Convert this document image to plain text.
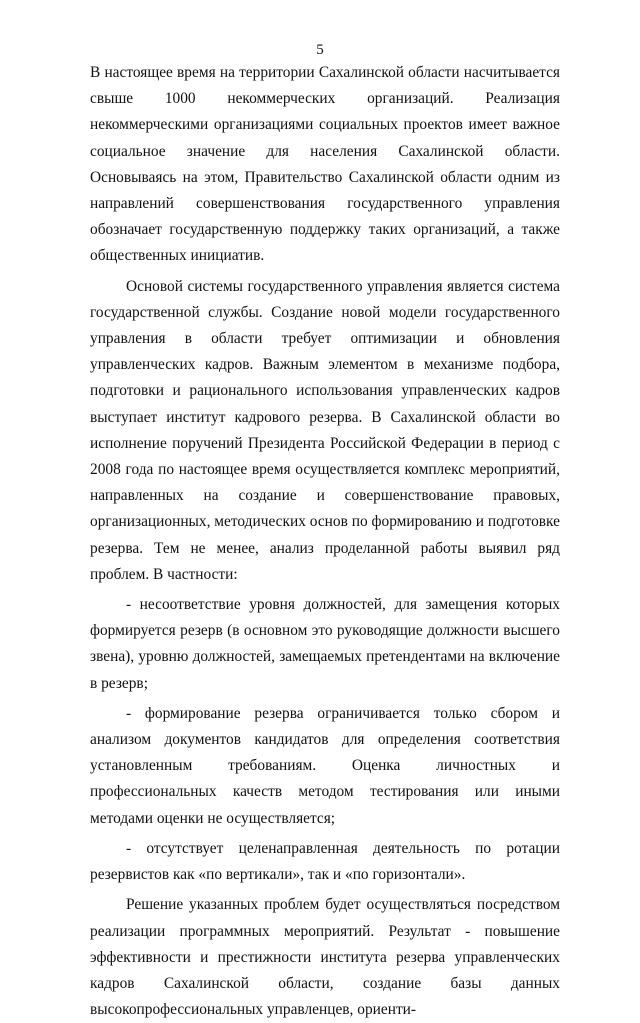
5

В настоящее время на территории Сахалинской области насчитывается свыше 1000 некоммерческих организаций. Реализация некоммерческими организациями социальных проектов имеет важное социальное значение для населения Сахалинской области. Основываясь на этом, Правительство Сахалинской области одним из направлений совершенствования государственного управления обозначает государственную поддержку таких организаций, а также общественных инициатив.

Основой системы государственного управления является система государственной службы. Создание новой модели государственного управления в области требует оптимизации и обновления управленческих кадров. Важным элементом в механизме подбора, подготовки и рационального использования управленческих кадров выступает институт кадрового резерва. В Сахалинской области во исполнение поручений Президента Российской Федерации в период с 2008 года по настоящее время осуществляется комплекс мероприятий, направленных на создание и совершенствование правовых, организационных, методических основ по формированию и подготовке резерва. Тем не менее, анализ проделанной работы выявил ряд проблем. В частности:

- несоответствие уровня должностей, для замещения которых формируется резерв (в основном это руководящие должности высшего звена), уровню должностей, замещаемых претендентами на включение в резерв;

- формирование резерва ограничивается только сбором и анализом документов кандидатов для определения соответствия установленным требованиям. Оценка личностных и профессиональных качеств методом тестирования или иными методами оценки не осуществляется;

- отсутствует целенаправленная деятельность по ротации резервистов как «по вертикали», так и «по горизонтали».

Решение указанных проблем будет осуществляться посредством реализации программных мероприятий. Результат - повышение эффективности и престижности института резерва управленческих кадров Сахалинской области, создание базы данных высокопрофессиональных управленцев, ориенти-
